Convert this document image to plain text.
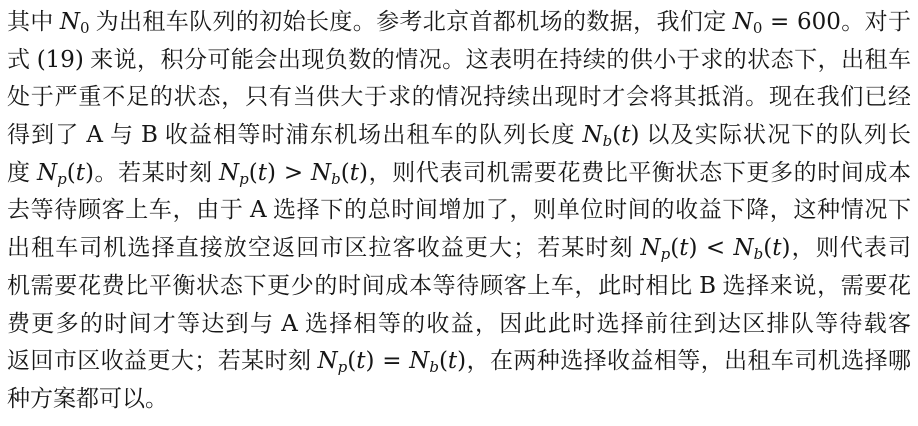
其中 $N_0$ 为出租车队列的初始长度。参考北京首都机场的数据，我们定 $N_0 = 600$。对于
式 (19) 来说，积分可能会出现负数的情况。这表明在持续的供小于求的状态下，出租车
处于严重不足的状态，只有当供大于求的情况持续出现时才会将其抵消。现在我们已经
得到了 A 与 B 收益相等时浦东机场出租车的队列长度 Nb(t) 以及实际状况下的队列长
度 Np(t)。若某时刻 Np(t) > Nb(t)，则代表司机需要花费比平衡状态下更多的时间成本
去等待顾客上车，由于 A 选择下的总时间增加了，则单位时间的收益下降，这种情况下
出租车司机选择直接放空返回市区拉客收益更大；若某时刻 Np(t) < Nb(t)，则代表司
机需要花费比平衡状态下更少的时间成本等待顾客上车，此时相比 B 选择来说，需要花
费更多的时间才等达到与 A 选择相等的收益，因此此时选择前往到达区排队等待载客
返回市区收益更大；若某时刻 Np(t) = Nb(t)，在两种选择收益相等，出租车司机选择哪
种方案都可以。
